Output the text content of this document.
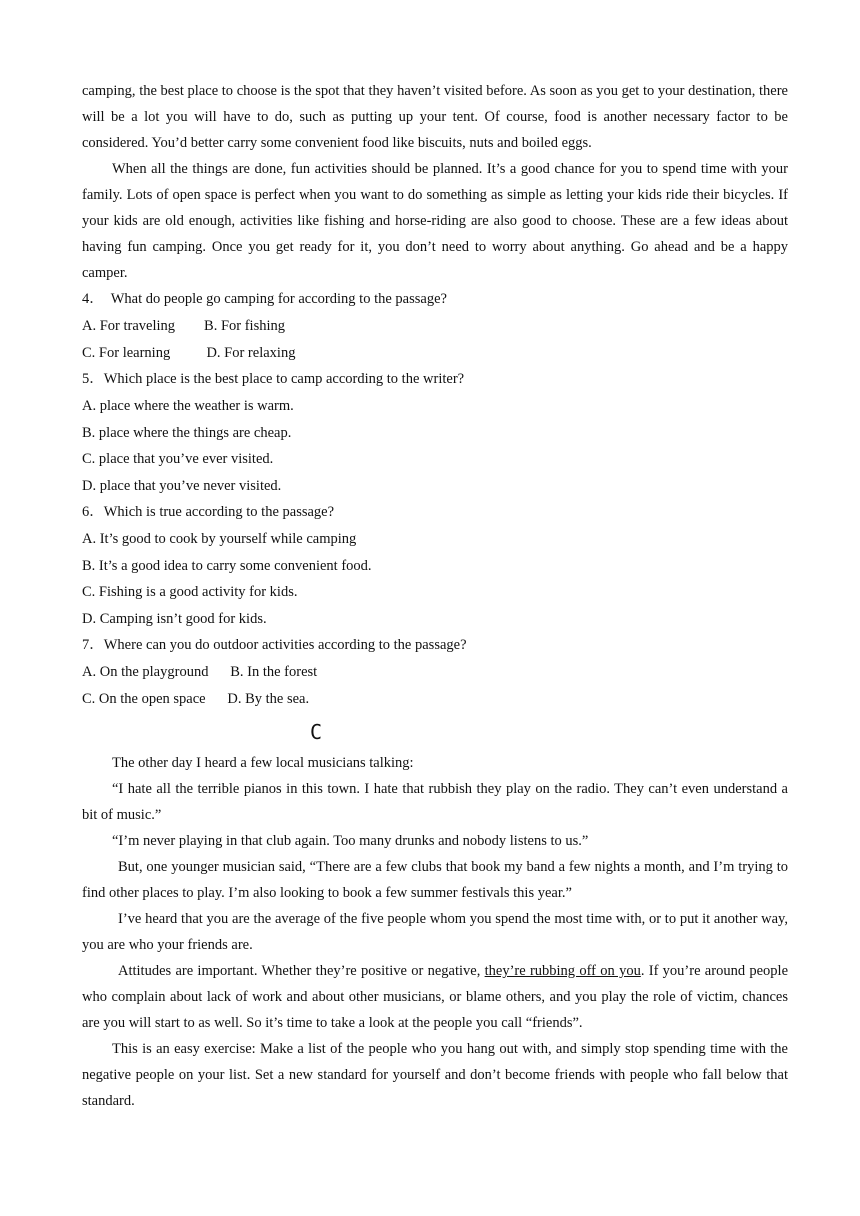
camping, the best place to choose is the spot that they haven’t visited before. As soon as you get to your destination, there will be a lot you will have to do, such as putting up your tent. Of course, food is another necessary factor to be considered. You’d better carry some convenient food like biscuits, nuts and boiled eggs.

When all the things are done, fun activities should be planned. It’s a good chance for you to spend time with your family. Lots of open space is perfect when you want to do something as simple as letting your kids ride their bicycles. If your kids are old enough, activities like fishing and horse-riding are also good to choose. These are a few ideas about having fun camping. Once you get ready for it, you don’t need to worry about anything. Go ahead and be a happy camper.

4．  What do people go camping for according to the passage?

A. For traveling        B. For fishing

C. For learning          D. For relaxing

5．Which place is the best place to camp according to the writer?

A. place where the weather is warm.

B. place where the things are cheap.

C. place that you’ve ever visited.

D. place that you’ve never visited.

6．Which is true according to the passage?

A. It’s good to cook by yourself while camping

B. It’s a good idea to carry some convenient food.

C. Fishing is a good activity for kids.

D. Camping isn’t good for kids.

7．Where can you do outdoor activities according to the passage?

A. On the playground      B. In the forest

C. On the open space      D. By the sea.

C

The other day I heard a few local musicians talking:

“I hate all the terrible pianos in this town. I hate that rubbish they play on the radio. They can’t even understand a bit of music.”

“I’m never playing in that club again. Too many drunks and nobody listens to us.”

But, one younger musician said, “There are a few clubs that book my band a few nights a month, and I’m trying to find other places to play. I’m also looking to book a few summer festivals this year.”

I’ve heard that you are the average of the five people whom you spend the most time with, or to put it another way, you are who your friends are.

Attitudes are important. Whether they’re positive or negative, they’re rubbing off on you. If you’re around people who complain about lack of work and about other musicians, or blame others, and you play the role of victim, chances are you will start to as well. So it’s time to take a look at the people you call “friends”.

This is an easy exercise: Make a list of the people who you hang out with, and simply stop spending time with the negative people on your list. Set a new standard for yourself and don’t become friends with people who fall below that standard.
